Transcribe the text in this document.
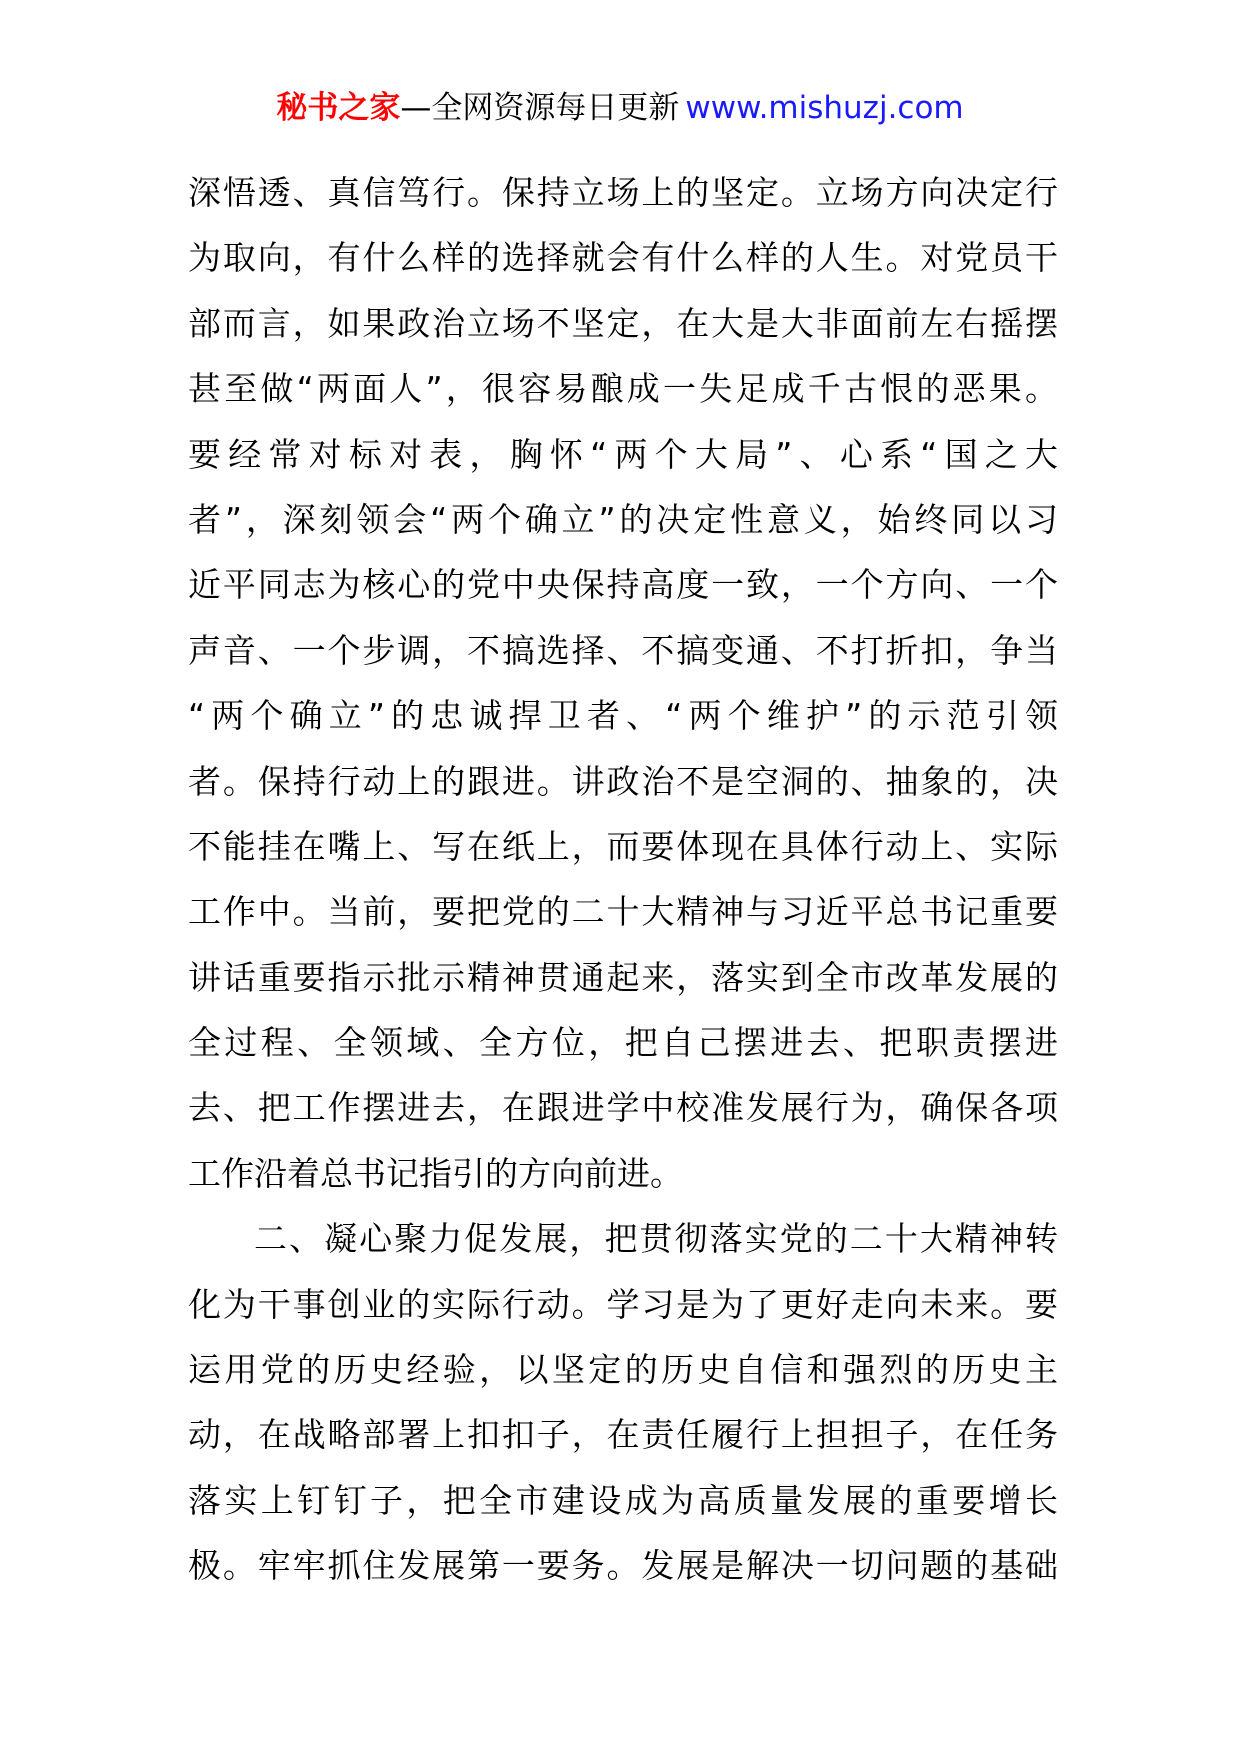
秘书之家—全网资源每日更新 www.mishuzj.com
深悟透、真信笃行。保持立场上的坚定。立场方向决定行
为取向，有什么样的选择就会有什么样的人生。对党员干
部而言，如果政治立场不坚定，在大是大非面前左右摇摆
甚至做“两面人”，很容易酿成一失足成千古恨的恶果。
要经常对标对表，胸怀“两个大局”、心系“国之大
者”，深刻领会“两个确立”的决定性意义，始终同以习
近平同志为核心的党中央保持高度一致，一个方向、一个
声音、一个步调，不搞选择、不搞变通、不打折扣，争当
“两个确立”的忠诚捍卫者、“两个维护”的示范引领
者。保持行动上的跟进。讲政治不是空洞的、抽象的，决
不能挂在嘴上、写在纸上，而要体现在具体行动上、实际
工作中。当前，要把党的二十大精神与习近平总书记重要
讲话重要指示批示精神贯通起来，落实到全市改革发展的
全过程、全领域、全方位，把自己摆进去、把职责摆进
去、把工作摆进去，在跟进学中校准发展行为，确保各项
工作沿着总书记指引的方向前进。
二、凝心聚力促发展，把贯彻落实党的二十大精神转
化为干事创业的实际行动。学习是为了更好走向未来。要
运用党的历史经验，以坚定的历史自信和强烈的历史主
动，在战略部署上扣扣子，在责任履行上担担子，在任务
落实上钉钉子，把全市建设成为高质量发展的重要增长
极。牢牢抓住发展第一要务。发展是解决一切问题的基础
